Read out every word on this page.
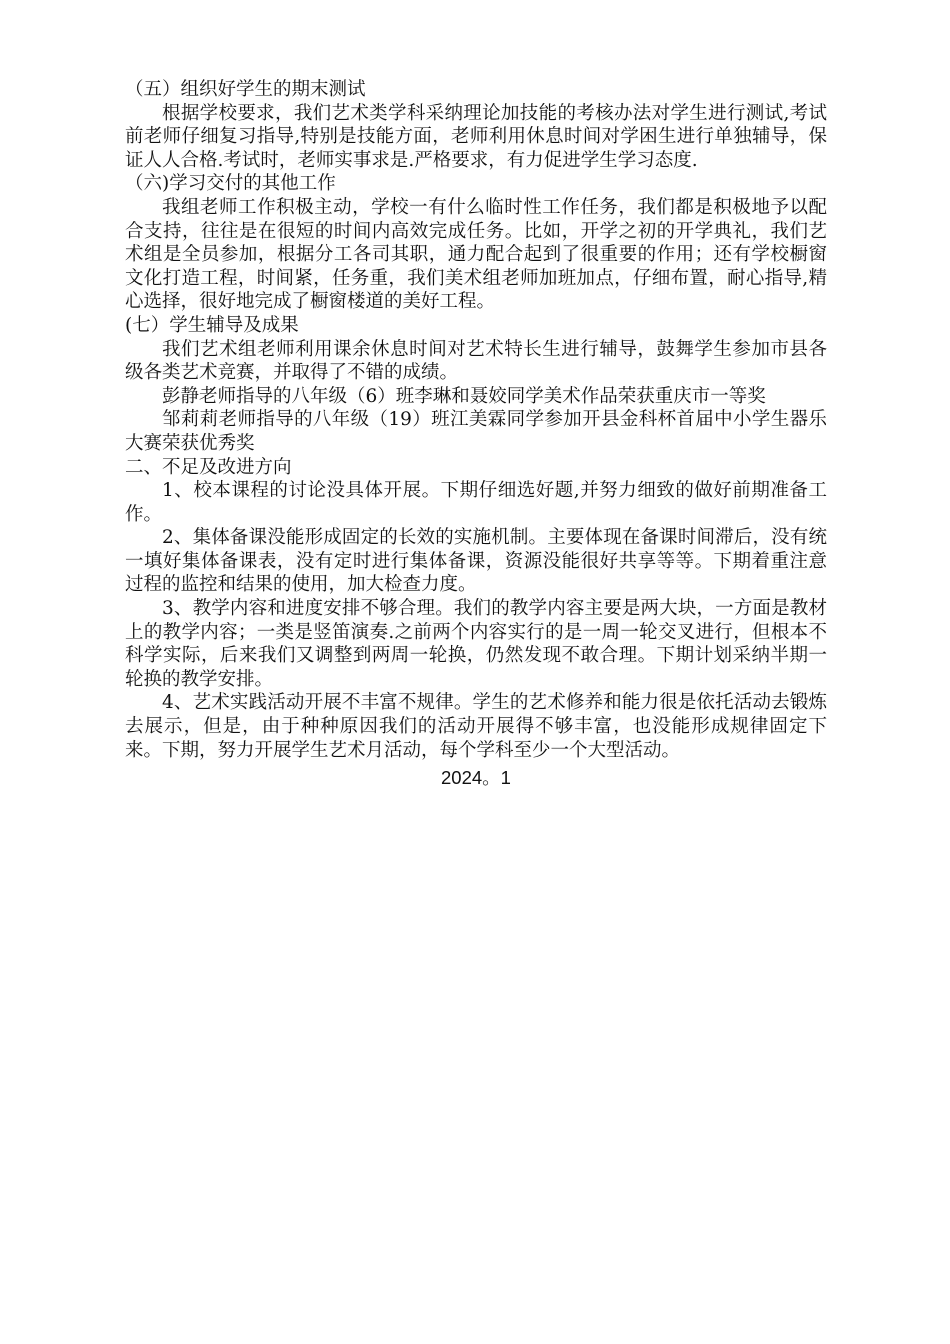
（五）组织好学生的期末测试

根据学校要求，我们艺术类学科采纳理论加技能的考核办法对学生进行测试,考试前老师仔细复习指导,特别是技能方面，老师利用休息时间对学困生进行单独辅导，保证人人合格.考试时，老师实事求是.严格要求，有力促进学生学习态度.

（六)学习交付的其他工作

我组老师工作积极主动，学校一有什么临时性工作任务，我们都是积极地予以配合支持，往往是在很短的时间内高效完成任务。比如，开学之初的开学典礼，我们艺术组是全员参加，根据分工各司其职，通力配合起到了很重要的作用；还有学校橱窗文化打造工程，时间紧，任务重，我们美术组老师加班加点，仔细布置，耐心指导,精心选择，很好地完成了橱窗楼道的美好工程。

(七）学生辅导及成果

我们艺术组老师利用课余休息时间对艺术特长生进行辅导，鼓舞学生参加市县各级各类艺术竞赛，并取得了不错的成绩。

彭静老师指导的八年级（6）班李琳和聂姣同学美术作品荣获重庆市一等奖

邹莉莉老师指导的八年级（19）班江美霖同学参加开县金科杯首届中小学生器乐大赛荣获优秀奖

二、不足及改进方向

1、校本课程的讨论没具体开展。下期仔细选好题,并努力细致的做好前期准备工作。

2、集体备课没能形成固定的长效的实施机制。主要体现在备课时间滞后，没有统一填好集体备课表，没有定时进行集体备课，资源没能很好共享等等。下期着重注意过程的监控和结果的使用，加大检查力度。

3、教学内容和进度安排不够合理。我们的教学内容主要是两大块，一方面是教材上的教学内容；一类是竖笛演奏.之前两个内容实行的是一周一轮交叉进行，但根本不科学实际，后来我们又调整到两周一轮换，仍然发现不敢合理。下期计划采纳半期一轮换的教学安排。

4、艺术实践活动开展不丰富不规律。学生的艺术修养和能力很是依托活动去锻炼去展示，但是，由于种种原因我们的活动开展得不够丰富，也没能形成规律固定下来。下期，努力开展学生艺术月活动，每个学科至少一个大型活动。

2024。1
